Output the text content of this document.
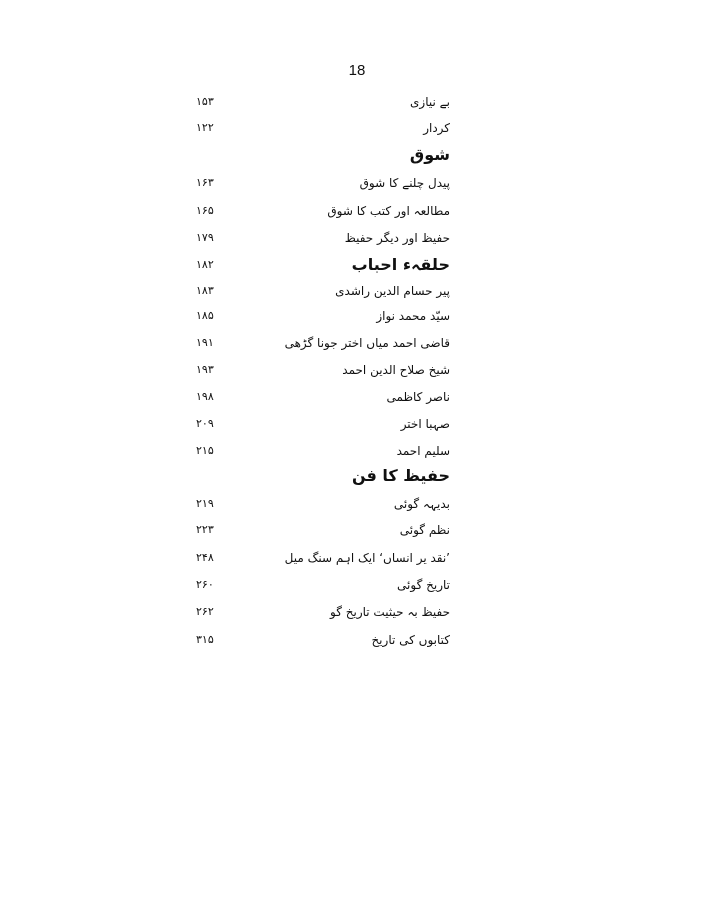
18
بے نیازی
۱۵۳
کردار
۱۲۲
شوق
پیدل چلنے کا شوق
۱۶۳
مطالعہ اور کتب کا شوق
۱۶۵
حفیظ اور دیگر حفیظ
۱۷۹
حلقہء احباب
۱۸۲
پیر حسام الدین راشدی
۱۸۳
سیّد محمد نواز
۱۸۵
قاضی احمد میاں اختر جونا گڑھی
۱۹۱
شیخ صلاح الدین احمد
۱۹۳
ناصر کاظمی
۱۹۸
صہبا اختر
۲۰۹
سلیم احمد
۲۱۵
حفیظ کا فن
بدیہہ گوئی
۲۱۹
نظم گوئی
۲۲۳
’نقد یر انساں‘ ایک اہم سنگ میل
۲۴۸
تاریخ گوئی
۲۶۰
حفیظ بہ حیثیت تاریخ گو
۲۶۲
کتابوں کی تاریخ
۳۱۵
